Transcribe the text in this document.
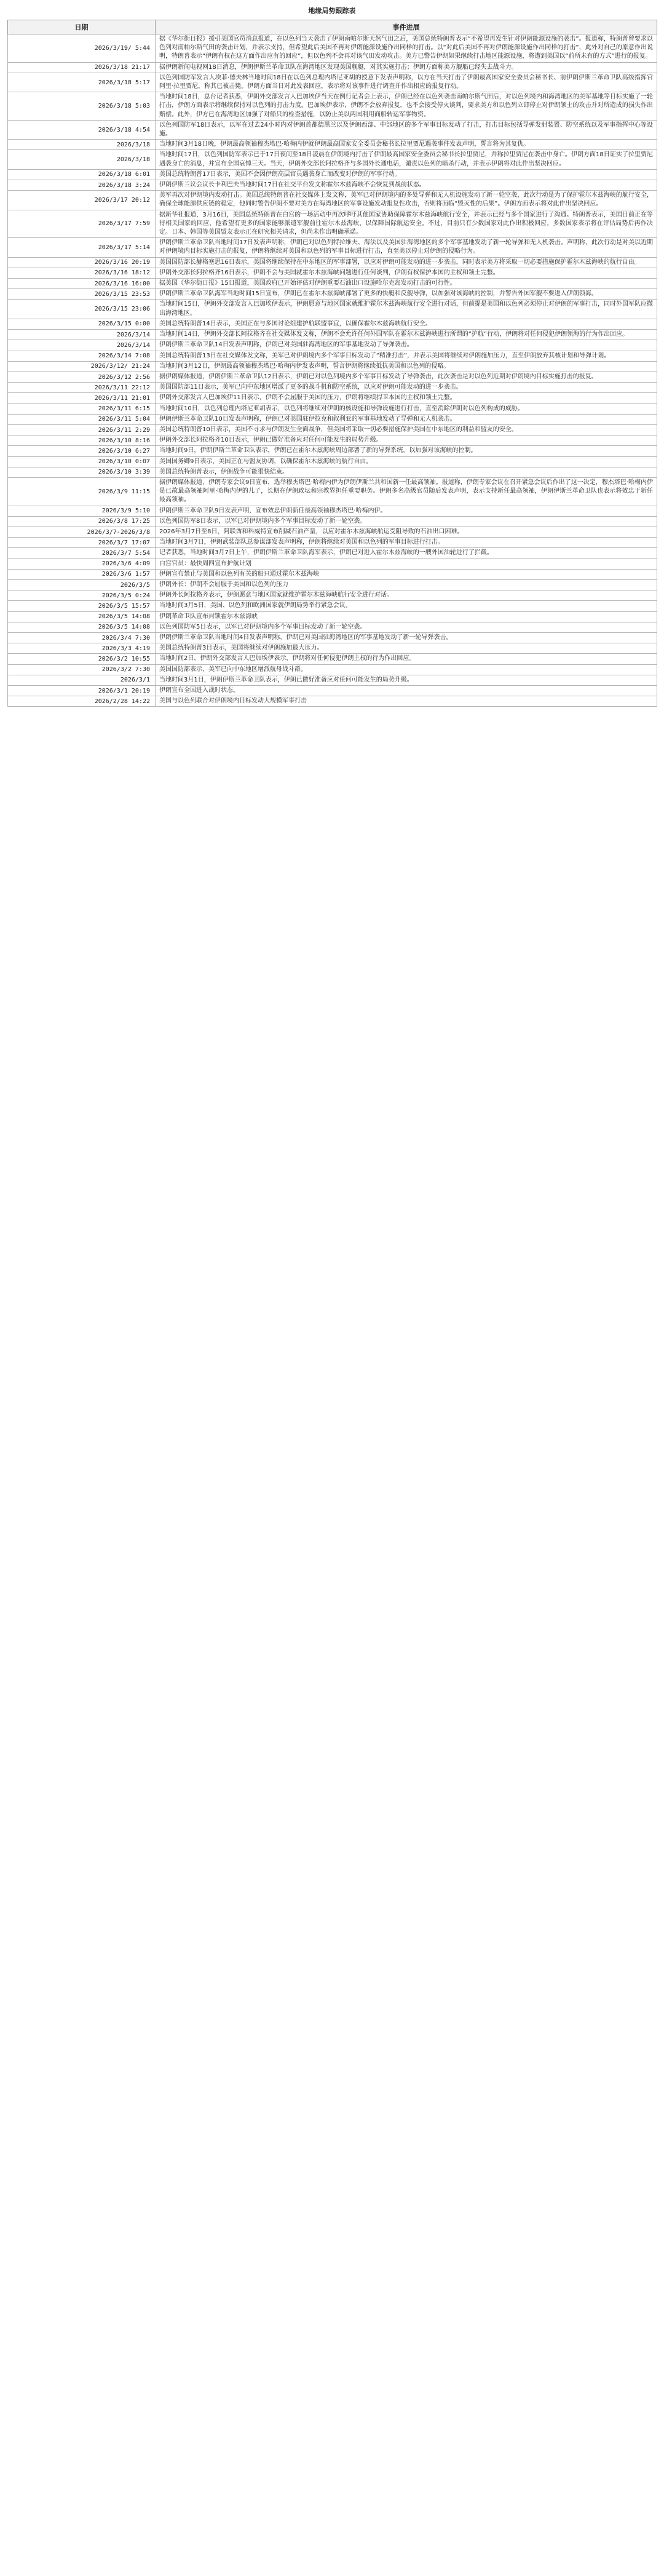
地缘局势跟踪表
日期	事件进展
2026/3/19/ 5:44	据《华尔街日报》援引美国官员消息报道，在以色列当天袭击了伊朗南帕尔斯天然气田之后，美国总统特朗普表示“不希望再发生针对伊朗能源设施的袭击”。报道称，特朗普曾要求以色列对南帕尔斯气田的袭击计划，并表示支持，但希望此后美国不再对伊朗能源设施作出同样的打击。以“对此后美国不再对伊朗能源设施作出同样的打击”，此外对自己的原意作出说明，特朗普表示“伊朗有权在这方面作出应有的回应”，但以色列不会再对该气田发动攻击。美方已警告伊朗如果继续打击地区能源设施，将遭到美国以“前所未有的方式”进行的报复。
2026/3/18 21:17	据伊朗新闻电视网18日消息，伊朗伊斯兰革命卫队在海湾地区发现美国舰艇，对其实施打击；伊朗方面称美方舰船已经失去战斗力。
2026/3/18 5:17	以色列国防军发言人埃菲·德夫林当地时间18日在以色列总理内塔尼亚胡的授意下发表声明称，以方在当天打击了伊朗最高国家安全委员会秘书长、前伊朗伊斯兰革命卫队高级指挥官阿里·拉里贾尼，称其已被击毙。伊朗方面当日对此发表回应，表示将对该事件进行调查并作出相应的报复行动。
2026/3/18 5:03	当地时间18日，总台记者获悉，伊朗外交部发言人巴加埃伊当天在例行记者会上表示，伊朗已经在以色列袭击南帕尔斯气田后，对以色列境内和海湾地区的美军基地等目标实施了一轮打击，伊朗方面表示将继续保持对以色列的打击力度。巴加埃伊表示，伊朗不会放弃报复，也不会接受停火谈判，要求美方和以色列立即停止对伊朗领土的攻击并对所造成的损失作出赔偿。此外，伊方已在海湾地区加强了对船只的检查措施，以防止美以两国利用商船转运军事物资。
2026/3/18 4:54	以色列国防军18日表示，以军在过去24小时内对伊朗首都德黑兰以及伊朗西部、中部地区的多个军事目标发动了打击，打击目标包括导弹发射装置、防空系统以及军事指挥中心等设施。
2026/3/18	当地时间3月18日晚，伊朗最高领袖穆杰塔巴·哈梅内伊就伊朗最高国家安全委员会秘书长拉里贾尼遇袭事件发表声明，誓言将为其复仇。
2026/3/18	当地时间17日，以色列国防军表示已于17日夜间至18日凌晨在伊朗境内打击了伊朗最高国家安全委员会秘书长拉里贾尼，并称拉里贾尼在袭击中身亡。伊朗方面18日证实了拉里贾尼遇袭身亡的消息，并宣布全国哀悼三天。当天，伊朗外交部长阿拉格齐与多国外长通电话，谴责以色列的暗杀行动，并表示伊朗将对此作出坚决回应。
2026/3/18 6:01	美国总统特朗普17日表示，美国不会因伊朗高层官员遇袭身亡而改变对伊朗的军事行动。
2026/3/18 3:24	伊朗伊斯兰议会议长卡利巴夫当地时间17日在社交平台发文称霍尔木兹海峡不会恢复到战前状态。
2026/3/17 20:12	美军再次对伊朗境内发动打击。美国总统特朗普在社交媒体上发文称，美军已对伊朗境内的多处导弹和无人机设施发动了新一轮空袭，此次行动是为了保护霍尔木兹海峡的航行安全，确保全球能源供应链的稳定，他同时警告伊朗不要对美方在海湾地区的军事设施发动报复性攻击，否则将面临“毁灭性的后果”。伊朗方面表示将对此作出坚决回应。
2026/3/17 7:59	据新华社报道，3月16日，美国总统特朗普在白宫的一场活动中再次呼吁其他国家协助保障霍尔木兹海峡航行安全，并表示已经与多个国家进行了沟通。特朗普表示，美国目前正在等待相关国家的回应，他希望有更多的国家能够派遣军舰前往霍尔木兹海峡，以保障国际航运安全。不过，目前只有少数国家对此作出积极回应，多数国家表示将在评估局势后再作决定。日本、韩国等美国盟友表示正在研究相关请求，但尚未作出明确承诺。
2026/3/17 5:14	伊朗伊斯兰革命卫队当地时间17日发表声明称，伊朗已对以色列特拉维夫、海法以及美国驻海湾地区的多个军事基地发动了新一轮导弹和无人机袭击。声明称，此次行动是对美以近期对伊朗境内目标实施打击的报复，伊朗将继续对美国和以色列的军事目标进行打击，直至美以停止对伊朗的侵略行为。
2026/3/16 20:19	美国国防部长赫格塞思16日表示，美国将继续保持在中东地区的军事部署，以应对伊朗可能发动的进一步袭击，同时表示美方将采取一切必要措施保护霍尔木兹海峡的航行自由。
2026/3/16 18:12	伊朗外交部长阿拉格齐16日表示，伊朗不会与美国就霍尔木兹海峡问题进行任何谈判，伊朗有权保护本国的主权和领土完整。
2026/3/16 16:00	据美国《华尔街日报》15日报道，美国政府已开始评估对伊朗重要石油出口设施哈尔克岛发动打击的可行性。
2026/3/15 23:53	伊朗伊斯兰革命卫队海军当地时间15日宣布，伊朗已在霍尔木兹海峡部署了更多的快艇和反舰导弹，以加强对该海峡的控制，并警告外国军舰不要进入伊朗领海。
2026/3/15 23:06	当地时间15日，伊朗外交部发言人巴加埃伊表示，伊朗愿意与地区国家就维护霍尔木兹海峡航行安全进行对话，但前提是美国和以色列必须停止对伊朗的军事打击，同时外国军队应撤出海湾地区。
2026/3/15 0:00	美国总统特朗普14日表示，美国正在与多国讨论组建护航联盟事宜，以确保霍尔木兹海峡航行安全。
2026/3/14	当地时间14日，伊朗外交部长阿拉格齐在社交媒体发文称，伊朗不会允许任何外国军队在霍尔木兹海峡进行所谓的“护航”行动，伊朗将对任何侵犯伊朗领海的行为作出回应。
2026/3/14	伊朗伊斯兰革命卫队14日发表声明称，伊朗已对美国驻海湾地区的军事基地发动了导弹袭击。
2026/3/14 7:08	美国总统特朗普13日在社交媒体发文称，美军已对伊朗境内多个军事目标发动了“精准打击”，并表示美国将继续对伊朗施加压力，直至伊朗放弃其核计划和导弹计划。
2026/3/12/ 21:24	当地时间3月12日，伊朗最高领袖穆杰塔巴·哈梅内伊发表声明，誓言伊朗将继续抵抗美国和以色列的侵略。
2026/3/12 2:56	据伊朗媒体报道，伊朗伊斯兰革命卫队12日表示，伊朗已对以色列境内多个军事目标发动了导弹袭击，此次袭击是对以色列近期对伊朗境内目标实施打击的报复。
2026/3/11 22:12	美国国防部11日表示，美军已向中东地区增派了更多的战斗机和防空系统，以应对伊朗可能发动的进一步袭击。
2026/3/11 21:01	伊朗外交部发言人巴加埃伊11日表示，伊朗不会屈服于美国的压力，伊朗将继续捍卫本国的主权和领土完整。
2026/3/11 6:15	当地时间10日，以色列总理内塔尼亚胡表示，以色列将继续对伊朗的核设施和导弹设施进行打击，直至消除伊朗对以色列构成的威胁。
2026/3/11 5:04	伊朗伊斯兰革命卫队10日发表声明称，伊朗已对美国驻伊拉克和叙利亚的军事基地发动了导弹和无人机袭击。
2026/3/11 2:29	美国总统特朗普10日表示，美国不寻求与伊朗发生全面战争，但美国将采取一切必要措施保护美国在中东地区的利益和盟友的安全。
2026/3/10 8:16	伊朗外交部长阿拉格齐10日表示，伊朗已做好准备应对任何可能发生的局势升级。
2026/3/10 6:27	当地时间9日，伊朗伊斯兰革命卫队表示，伊朗已在霍尔木兹海峡周边部署了新的导弹系统，以加强对该海峡的控制。
2026/3/10 0:07	美国国务卿9日表示，美国正在与盟友协调，以确保霍尔木兹海峡的航行自由。
2026/3/10 3:39	美国总统特朗普表示，伊朗战争可能很快结束。
2026/3/9 11:15	据伊朗媒体报道，伊朗专家会议9日宣布，选举穆杰塔巴·哈梅内伊为伊朗伊斯兰共和国新一任最高领袖。报道称，伊朗专家会议在召开紧急会议后作出了这一决定，穆杰塔巴·哈梅内伊是已故最高领袖阿里·哈梅内伊的儿子，长期在伊朗政坛和宗教界担任重要职务。伊朗多名高级官员随后发表声明，表示支持新任最高领袖，伊朗伊斯兰革命卫队也表示将效忠于新任最高领袖。
2026/3/9 5:10	伊朗伊斯兰革命卫队9日发表声明，宣布效忠伊朗新任最高领袖穆杰塔巴·哈梅内伊。
2026/3/8 17:25	以色列国防军8日表示，以军已对伊朗境内多个军事目标发动了新一轮空袭。
2026/3/7-2026/3/8	2026年3月7日至8日，阿联酋和科威特宣布削减石油产量，以应对霍尔木兹海峡航运受阻导致的石油出口困难。
2026/3/7 17:07	当地时间3月7日，伊朗武装部队总参谋部发表声明称，伊朗将继续对美国和以色列的军事目标进行打击。
2026/3/7 5:54	记者获悉，当地时间3月7日上午，伊朗伊斯兰革命卫队海军表示，伊朗已对进入霍尔木兹海峡的一艘外国油轮进行了拦截。
2026/3/6 4:09	白宫官员：最快周四宣布护航计划
2026/3/6 1:57	伊朗宣布禁止与美国和以色列有关的船只通过霍尔木兹海峡
2026/3/5	伊朗外长：伊朗不会屈服于美国和以色列的压力
2026/3/5 0:24	伊朗外长阿拉格齐表示，伊朗愿意与地区国家就维护霍尔木兹海峡航行安全进行对话。
2026/3/5 15:57	当地时间3月5日，美国、以色列和欧洲国家就伊朗局势举行紧急会议。
2026/3/5 14:08	伊朗革命卫队宣布封锁霍尔木兹海峡
2026/3/5 14:08	以色列国防军5日表示，以军已对伊朗境内多个军事目标发动了新一轮空袭。
2026/3/4 7:30	伊朗伊斯兰革命卫队当地时间4日发表声明称，伊朗已对美国驻海湾地区的军事基地发动了新一轮导弹袭击。
2026/3/3 4:19	美国总统特朗普3日表示，美国将继续对伊朗施加最大压力。
2026/3/2 10:55	当地时间2日，伊朗外交部发言人巴加埃伊表示，伊朗将对任何侵犯伊朗主权的行为作出回应。
2026/3/2 7:30	美国国防部表示，美军已向中东地区增派航母战斗群。
2026/3/1	当地时间3月1日，伊朗伊斯兰革命卫队表示，伊朗已做好准备应对任何可能发生的局势升级。
2026/3/1 20:19	伊朗宣布全国进入战时状态。
2026/2/28 14:22	美国与以色列联合对伊朗境内目标发动大规模军事打击
